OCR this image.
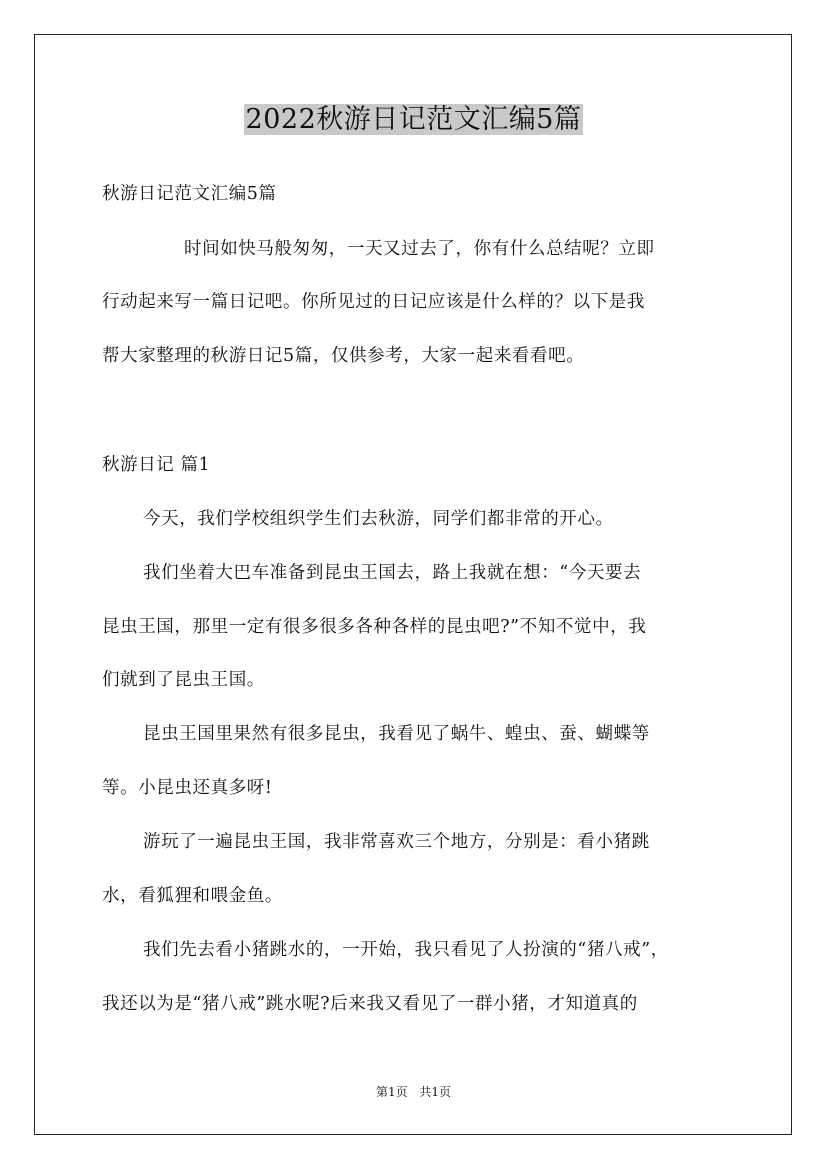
2022秋游日记范文汇编5篇
秋游日记范文汇编5篇
时间如快马般匆匆，一天又过去了，你有什么总结呢？立即
行动起来写一篇日记吧。你所见过的日记应该是什么样的？以下是我
帮大家整理的秋游日记5篇，仅供参考，大家一起来看看吧。
秋游日记 篇1
今天，我们学校组织学生们去秋游，同学们都非常的开心。
我们坐着大巴车准备到昆虫王国去，路上我就在想：“今天要去
昆虫王国，那里一定有很多很多各种各样的昆虫吧?”不知不觉中，我
们就到了昆虫王国。
昆虫王国里果然有很多昆虫，我看见了蜗牛、蝗虫、蚕、蝴蝶等
等。小昆虫还真多呀!
游玩了一遍昆虫王国，我非常喜欢三个地方，分别是：看小猪跳
水，看狐狸和喂金鱼。
我们先去看小猪跳水的，一开始，我只看见了人扮演的“猪八戒”，
我还以为是“猪八戒”跳水呢?后来我又看见了一群小猪，才知道真的
第1页 共1页
